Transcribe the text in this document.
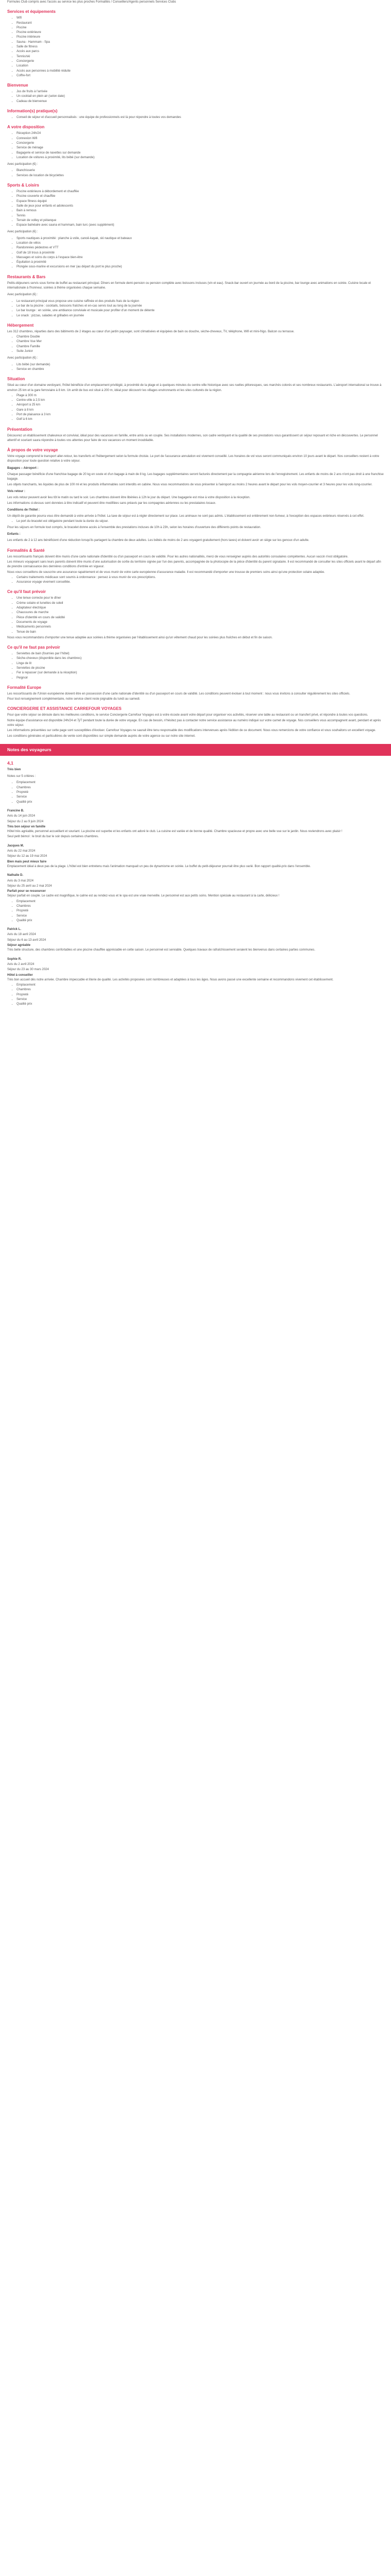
Formules Club compris avec l'accès au service les plus proches Formalités / Conseillers/Agents personnels Services Clubs

Services et équipements
• Wifi
• Restaurant
• Piscine
• Piscine extérieure
• Piscine intérieure
• Sauna - Hammam - Spa
• Salle de fitness
• Accès aux parcs
• Tennis/ski
• Conciergerie
• Location
• Accès aux personnes à mobilité réduite
• Coffre-fort
Bienvenue
• Jus de fruits à l'arrivée
• Un cocktail en plein air (selon date)
• Cadeau de bienvenue
Information(s) pratique(s)
• Conseil de séjour et d'accueil personnalisés : une équipe de professionnels est là pour répondre à toutes vos demandes
A votre disposition
• Réception 24h/24
• Connexion Wifi
• Conciergerie
• Service de ménage
• Bagagerie et service de navettes sur demande
• Location de voitures à proximité, lits bébé (sur demande)

Avec participation (€) :

• Blanchisserie
• Services de location de bicyclettes
Sports & Loisirs
• Piscine extérieure à débordement et chauffée
• Piscine couverte et chauffée
• Espace fitness équipé
• Salle de jeux pour enfants et adolescents
• Bain à remous
• Tennis
• Terrain de volley et pétanque
• Espace balnéaire avec sauna et hammam, bain turc (avec supplément)

Avec participation (€) :

• Sports nautiques à proximité : planche à voile, canoë-kayak, ski nautique et bateaux
• Location de vélos
• Randonnées pédestres et VTT
• Golf de 18 trous à proximité
• Massages et soins du corps à l'espace bien-être
• Équitation à proximité
• Plongée sous-marine et excursions en mer (au départ du port le plus proche)
Restaurants & Bars

Petits-déjeuners servis sous forme de buffet au restaurant principal. Dîners en formule demi-pension ou pension complète avec boissons incluses (vin et eau). Snack-bar ouvert en journée au bord de la piscine, bar lounge avec animations en soirée. Cuisine locale et internationale à l'honneur, soirées à thème organisées chaque semaine.

Avec participation (€) :

• Le restaurant principal vous propose une cuisine raffinée et des produits frais de la région
• Le bar de la piscine : cocktails, boissons fraîches et en-cas servis tout au long de la journée
• Le bar lounge : en soirée, une ambiance conviviale et musicale pour profiter d'un moment de détente
• Le snack : pizzas, salades et grillades en journée
Hébergement

Les 312 chambres, réparties dans des bâtiments de 2 étages au cœur d'un jardin paysager, sont climatisées et équipées de bain ou douche, sèche-cheveux, TV, téléphone, Wifi et mini-frigo. Balcon ou terrasse.

• Chambre Double
• Chambre Vue Mer
• Chambre Famille
• Suite Junior

Avec participation (€) :

• Lits bébé (sur demande)
• Service en chambre
Situation

Situé au cœur d'un domaine verdoyant, l'hôtel bénéficie d'un emplacement privilégié, à proximité de la plage et à quelques minutes du centre-ville historique avec ses ruelles pittoresques, ses marchés colorés et ses nombreux restaurants. L'aéroport international se trouve à environ 25 km et la gare ferroviaire à 8 km. Un arrêt de bus est situé à 200 m, idéal pour découvrir les villages environnants et les sites culturels de la région.

• Plage à 300 m
• Centre-ville à 2,5 km
• Aéroport à 25 km
• Gare à 8 km
• Port de plaisance à 3 km
• Golf à 6 km
Présentation

Découvrez un établissement chaleureux et convivial, idéal pour des vacances en famille, entre amis ou en couple. Ses installations modernes, son cadre verdoyant et la qualité de ses prestations vous garantissent un séjour reposant et riche en découvertes. Le personnel attentif et souriant saura répondre à toutes vos attentes pour faire de vos vacances un moment inoubliable.

À propos de votre voyage

Votre voyage comprend le transport aller-retour, les transferts et l'hébergement selon la formule choisie. Le port de l'assurance annulation est vivement conseillé. Les horaires de vol vous seront communiqués environ 10 jours avant le départ. Nos conseillers restent à votre disposition pour toute question relative à votre séjour.

Bagages – Aéroport :

Chaque passager bénéficie d'une franchise bagage de 20 kg en soute et d'un bagage à main de 8 kg. Les bagages supplémentaires seront facturés directement par la compagnie aérienne lors de l'enregistrement. Les enfants de moins de 2 ans n'ont pas droit à une franchise bagage.

Les objets tranchants, les liquides de plus de 100 ml et les produits inflammables sont interdits en cabine. Nous vous recommandons de vous présenter à l'aéroport au moins 2 heures avant le départ pour les vols moyen-courrier et 3 heures pour les vols long-courrier.

Vols retour :

Les vols retour peuvent avoir lieu tôt le matin ou tard le soir. Les chambres doivent être libérées à 12h le jour du départ. Une bagagerie est mise à votre disposition à la réception.

Les informations ci-dessus sont données à titre indicatif et peuvent être modifiées sans préavis par les compagnies aériennes ou les prestataires locaux.

Conditions de l'hôtel :

Un dépôt de garantie pourra vous être demandé à votre arrivée à l'hôtel. La taxe de séjour est à régler directement sur place. Les animaux ne sont pas admis. L'établissement est entièrement non-fumeur, à l'exception des espaces extérieurs réservés à cet effet.

• Le port du bracelet est obligatoire pendant toute la durée du séjour.

Pour les séjours en formule tout compris, le bracelet donne accès à l'ensemble des prestations incluses de 10h à 23h, selon les horaires d'ouverture des différents points de restauration.

Enfants :

Les enfants de 2 à 12 ans bénéficient d'une réduction lorsqu'ils partagent la chambre de deux adultes. Les bébés de moins de 2 ans voyagent gratuitement (hors taxes) et doivent avoir un siège sur les genoux d'un adulte.

Formalités & Santé

Les ressortissants français doivent être munis d'une carte nationale d'identité ou d'un passeport en cours de validité. Pour les autres nationalités, merci de vous renseigner auprès des autorités consulaires compétentes. Aucun vaccin n'est obligatoire.

Les mineurs voyageant sans leurs parents doivent être munis d'une autorisation de sortie du territoire signée par l'un des parents, accompagnée de la photocopie de la pièce d'identité du parent signataire. Il est recommandé de consulter les sites officiels avant le départ afin de prendre connaissance des dernières conditions d'entrée en vigueur.

Nous vous conseillons de souscrire une assurance rapatriement et de vous munir de votre carte européenne d'assurance maladie. Il est recommandé d'emporter une trousse de premiers soins ainsi qu'une protection solaire adaptée.

• Certains traitements médicaux sont soumis à ordonnance : pensez à vous munir de vos prescriptions.
• Assurance voyage vivement conseillée.
Ce qu'il faut prévoir
• Une tenue correcte pour le dîner
• Crème solaire et lunettes de soleil
• Adaptateur électrique
• Chaussures de marche
• Pièce d'identité en cours de validité
• Documents de voyage
• Médicaments personnels
• Tenue de bain

Nous vous recommandons d'emporter une tenue adaptée aux soirées à thème organisées par l'établissement ainsi qu'un vêtement chaud pour les soirées plus fraîches en début et fin de saison.

Ce qu'il ne faut pas prévoir
• Serviettes de bain (fournies par l'hôtel)
• Sèche-cheveux (disponible dans les chambres)
• Linge de lit
• Serviettes de piscine
• Fer à repasser (sur demande à la réception)
• Peignoir
Formalité Europe

Les ressortissants de l'Union européenne doivent être en possession d'une carte nationale d'identité ou d'un passeport en cours de validité. Les conditions peuvent évoluer à tout moment : nous vous invitons à consulter régulièrement les sites officiels.

Pour tout renseignement complémentaire, notre service client reste joignable du lundi au samedi.

CONCIERGERIE ET ASSISTANCE CARREFOUR VOYAGES

Pour que votre séjour se déroule dans les meilleures conditions, le service Conciergerie Carrefour Voyages est à votre écoute avant votre départ pour organiser vos activités, réserver une table au restaurant ou un transfert privé, et répondre à toutes vos questions.

Notre équipe d'assistance est disponible 24h/24 et 7j/7 pendant toute la durée de votre voyage. En cas de besoin, n'hésitez pas à contacter notre service assistance au numéro indiqué sur votre carnet de voyage. Nos conseillers vous accompagnent avant, pendant et après votre séjour.

Les informations présentées sur cette page sont susceptibles d'évoluer. Carrefour Voyages ne saurait être tenu responsable des modifications intervenues après l'édition de ce document. Nous vous remercions de votre confiance et vous souhaitons un excellent voyage.

Les conditions générales et particulières de vente sont disponibles sur simple demande auprès de votre agence ou sur notre site internet.

Notes des voyageurs
4,1

Très bien

Notes sur 5 critères :

• Emplacement
• Chambres
• Propreté
• Service
• Qualité prix

Francine B.

Avis du 14 juin 2024

Séjour du 2 au 9 juin 2024

Très bon séjour en famille

Hôtel très agréable, personnel accueillant et souriant. La piscine est superbe et les enfants ont adoré le club. La cuisine est variée et de bonne qualité. Chambre spacieuse et propre avec une belle vue sur le jardin. Nous reviendrons avec plaisir !

Seul petit bémol : le bruit du bar le soir depuis certaines chambres.

Jacques M.

Avis du 22 mai 2024

Séjour du 12 au 19 mai 2024

Bien mais peut mieux faire

Emplacement idéal à deux pas de la plage. L'hôtel est bien entretenu mais l'animation manquait un peu de dynamisme en soirée. Le buffet du petit-déjeuner pourrait être plus varié. Bon rapport qualité-prix dans l'ensemble.

Nathalie D.

Avis du 3 mai 2024

Séjour du 25 avril au 2 mai 2024

Parfait pour se ressourcer

Séjour parfait en couple. Le cadre est magnifique, le calme est au rendez-vous et le spa est une vraie merveille. Le personnel est aux petits soins. Mention spéciale au restaurant à la carte, délicieux !

• Emplacement
• Chambres
• Propreté
• Service
• Qualité prix

Patrick L.

Avis du 18 avril 2024

Séjour du 6 au 13 avril 2024

Séjour agréable

Très belle structure, des chambres confortables et une piscine chauffée appréciable en cette saison. Le personnel est serviable. Quelques travaux de rafraîchissement seraient les bienvenus dans certaines parties communes.

Sophie R.

Avis du 2 avril 2024

Séjour du 23 au 30 mars 2024

Hôtel à conseiller

Très bon accueil dès notre arrivée. Chambre impeccable et literie de qualité. Les activités proposées sont nombreuses et adaptées à tous les âges. Nous avons passé une excellente semaine et recommandons vivement cet établissement.

• Emplacement
• Chambres
• Propreté
• Service
• Qualité prix
